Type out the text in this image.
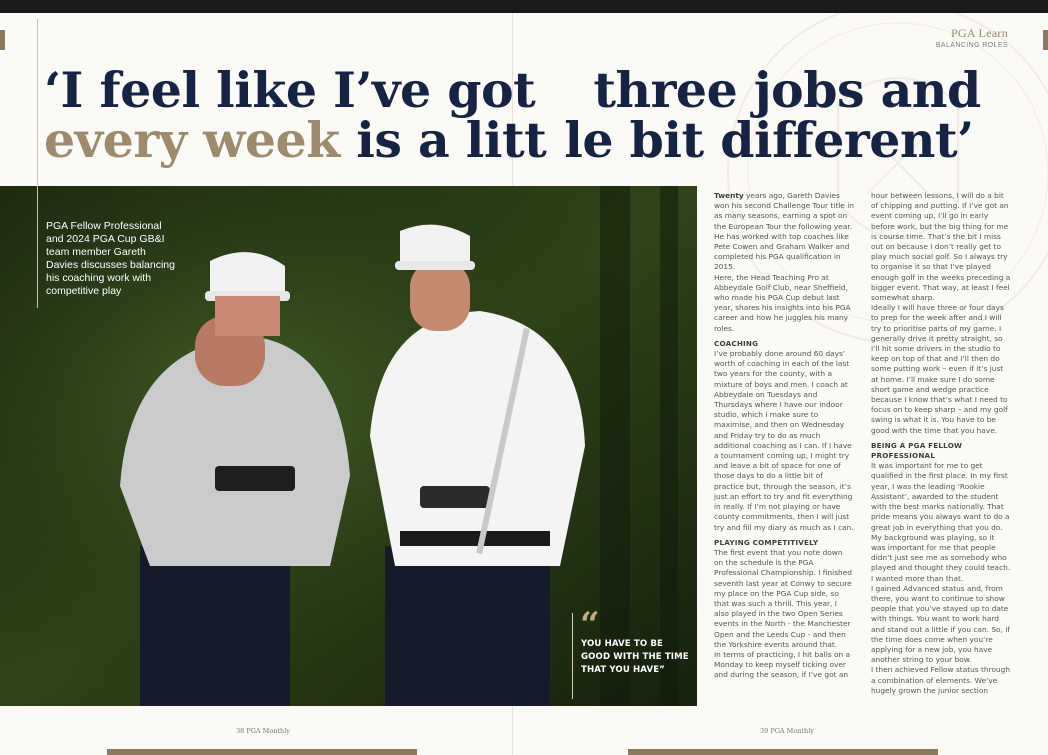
PGA Learn
BALANCING ROLES
‘I feel like I’ve got three jobs and
every week is a litt le bit different’
PGA Fellow Professional and 2024 PGA Cup GB&I team member Gareth Davies discusses balancing his coaching work with competitive play
“
YOU HAVE TO BE GOOD WITH THE TIME THAT YOU HAVE”

Twenty years ago, Gareth Davies won his second Challenge Tour title in as many seasons, earning a spot on the European Tour the following year.

He has worked with top coaches like Pete Cowen and Graham Walker and completed his PGA qualification in 2015.

Here, the Head Teaching Pro at Abbeydale Golf Club, near Sheffield, who made his PGA Cup debut last year, shares his insights into his PGA career and how he juggles his many roles.

COACHING

I’ve probably done around 60 days’ worth of coaching in each of the last two years for the county, with a mixture of boys and men. I coach at Abbeydale on Tuesdays and Thursdays where I have our indoor studio, which I make sure to maximise, and then on Wednesday and Friday try to do as much additional coaching as I can. If I have a tournament coming up, I might try and leave a bit of space for one of those days to do a little bit of practice but, through the season, it’s just an effort to try and fit everything in really. If I’m not playing or have county commitments, then I will just try and fill my diary as much as I can.

PLAYING COMPETITIVELY

The first event that you note down on the schedule is the PGA Professional Championship. I finished seventh last year at Conwy to secure my place on the PGA Cup side, so that was such a thrill. This year, I also played in the two Open Series events in the North - the Manchester Open and the Leeds Cup - and then the Yorkshire events around that.

In terms of practicing, I hit balls on a Monday to keep myself ticking over and during the season, if I’ve got an

hour between lessons, I will do a bit of chipping and putting. If I’ve got an event coming up, I’ll go in early before work, but the big thing for me is course time. That’s the bit I miss out on because I don’t really get to play much social golf. So I always try to organise it so that I’ve played enough golf in the weeks preceding a bigger event. That way, at least I feel somewhat sharp.

Ideally I will have three or four days to prep for the week after and I will try to prioritise parts of my game. I generally drive it pretty straight, so I’ll hit some drivers in the studio to keep on top of that and I’ll then do some putting work – even if it’s just at home. I’ll make sure I do some short game and wedge practice because I know that’s what I need to focus on to keep sharp – and my golf swing is what it is. You have to be good with the time that you have.

BEING A PGA FELLOW PROFESSIONAL

It was important for me to get qualified in the first place. In my first year, I was the leading ‘Rookie Assistant’, awarded to the student with the best marks nationally. That pride means you always want to do a great job in everything that you do. My background was playing, so it was important for me that people didn’t just see me as somebody who played and thought they could teach. I wanted more than that.

I gained Advanced status and, from there, you want to continue to show people that you’ve stayed up to date with things. You want to work hard and stand out a little if you can. So, if the time does come when you’re applying for a new job, you have another string to your bow.

I then achieved Fellow status through a combination of elements. We’ve hugely grown the junior section

38 PGA Monthly	39 PGA Monthly
